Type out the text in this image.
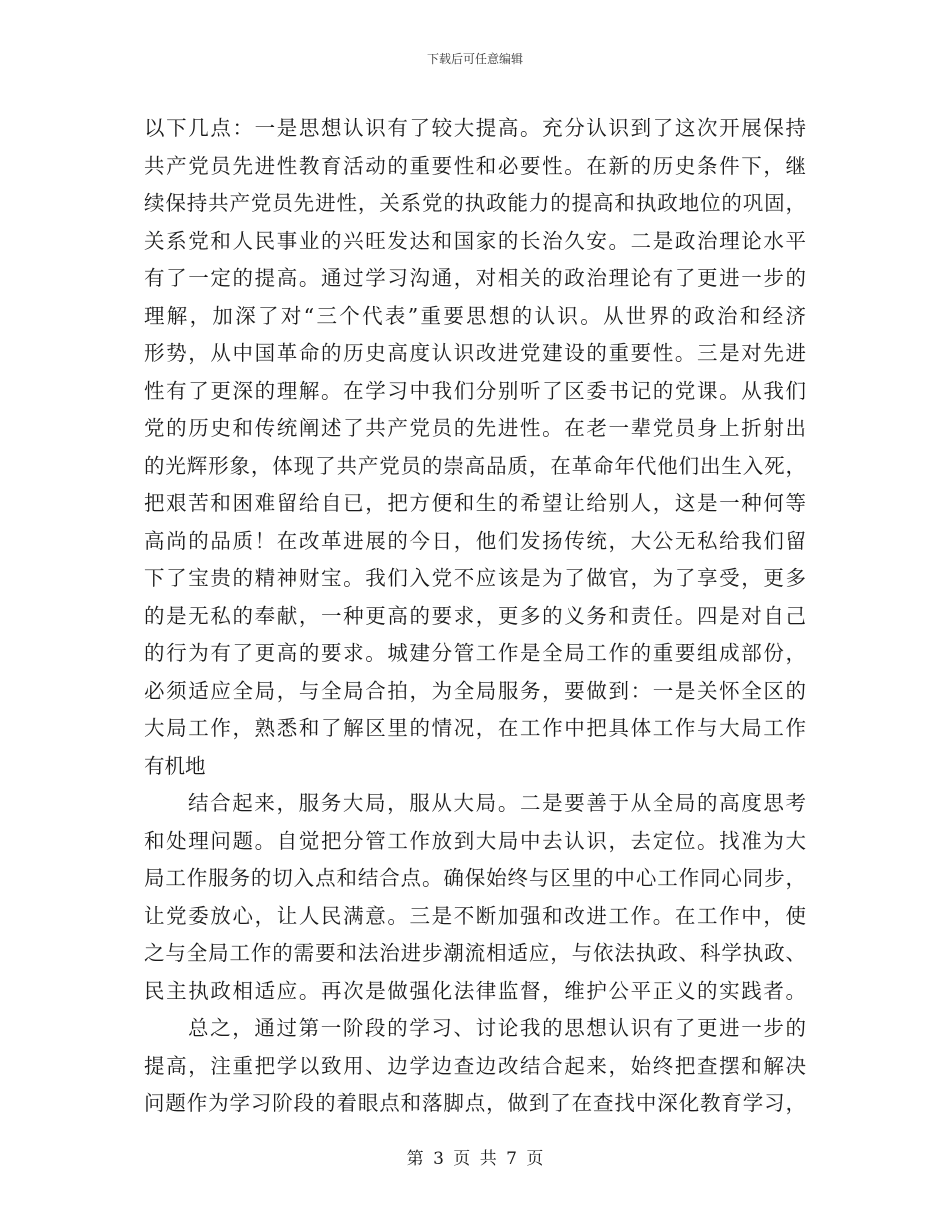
下载后可任意编辑
以下几点：一是思想认识有了较大提高。充分认识到了这次开展保持
共产党员先进性教育活动的重要性和必要性。在新的历史条件下，继
续保持共产党员先进性，关系党的执政能力的提高和执政地位的巩固，
关系党和人民事业的兴旺发达和国家的长治久安。二是政治理论水平
有了一定的提高。通过学习沟通，对相关的政治理论有了更进一步的
理解，加深了对“三个代表”重要思想的认识。从世界的政治和经济
形势，从中国革命的历史高度认识改进党建设的重要性。三是对先进
性有了更深的理解。在学习中我们分别听了区委书记的党课。从我们
党的历史和传统阐述了共产党员的先进性。在老一辈党员身上折射出
的光辉形象，体现了共产党员的崇高品质，在革命年代他们出生入死，
把艰苦和困难留给自已，把方便和生的希望让给别人，这是一种何等
高尚的品质！在改革进展的今日，他们发扬传统，大公无私给我们留
下了宝贵的精神财宝。我们入党不应该是为了做官，为了享受，更多
的是无私的奉献，一种更高的要求，更多的义务和责任。四是对自己
的行为有了更高的要求。城建分管工作是全局工作的重要组成部份，
必须适应全局，与全局合拍，为全局服务，要做到：一是关怀全区的
大局工作，熟悉和了解区里的情况，在工作中把具体工作与大局工作
有机地
结合起来，服务大局，服从大局。二是要善于从全局的高度思考
和处理问题。自觉把分管工作放到大局中去认识，去定位。找准为大
局工作服务的切入点和结合点。确保始终与区里的中心工作同心同步，
让党委放心，让人民满意。三是不断加强和改进工作。在工作中，使
之与全局工作的需要和法治进步潮流相适应，与依法执政、科学执政、
民主执政相适应。再次是做强化法律监督，维护公平正义的实践者。
总之，通过第一阶段的学习、讨论我的思想认识有了更进一步的
提高，注重把学以致用、边学边查边改结合起来，始终把查摆和解决
问题作为学习阶段的着眼点和落脚点，做到了在查找中深化教育学习，
第 3 页 共 7 页
